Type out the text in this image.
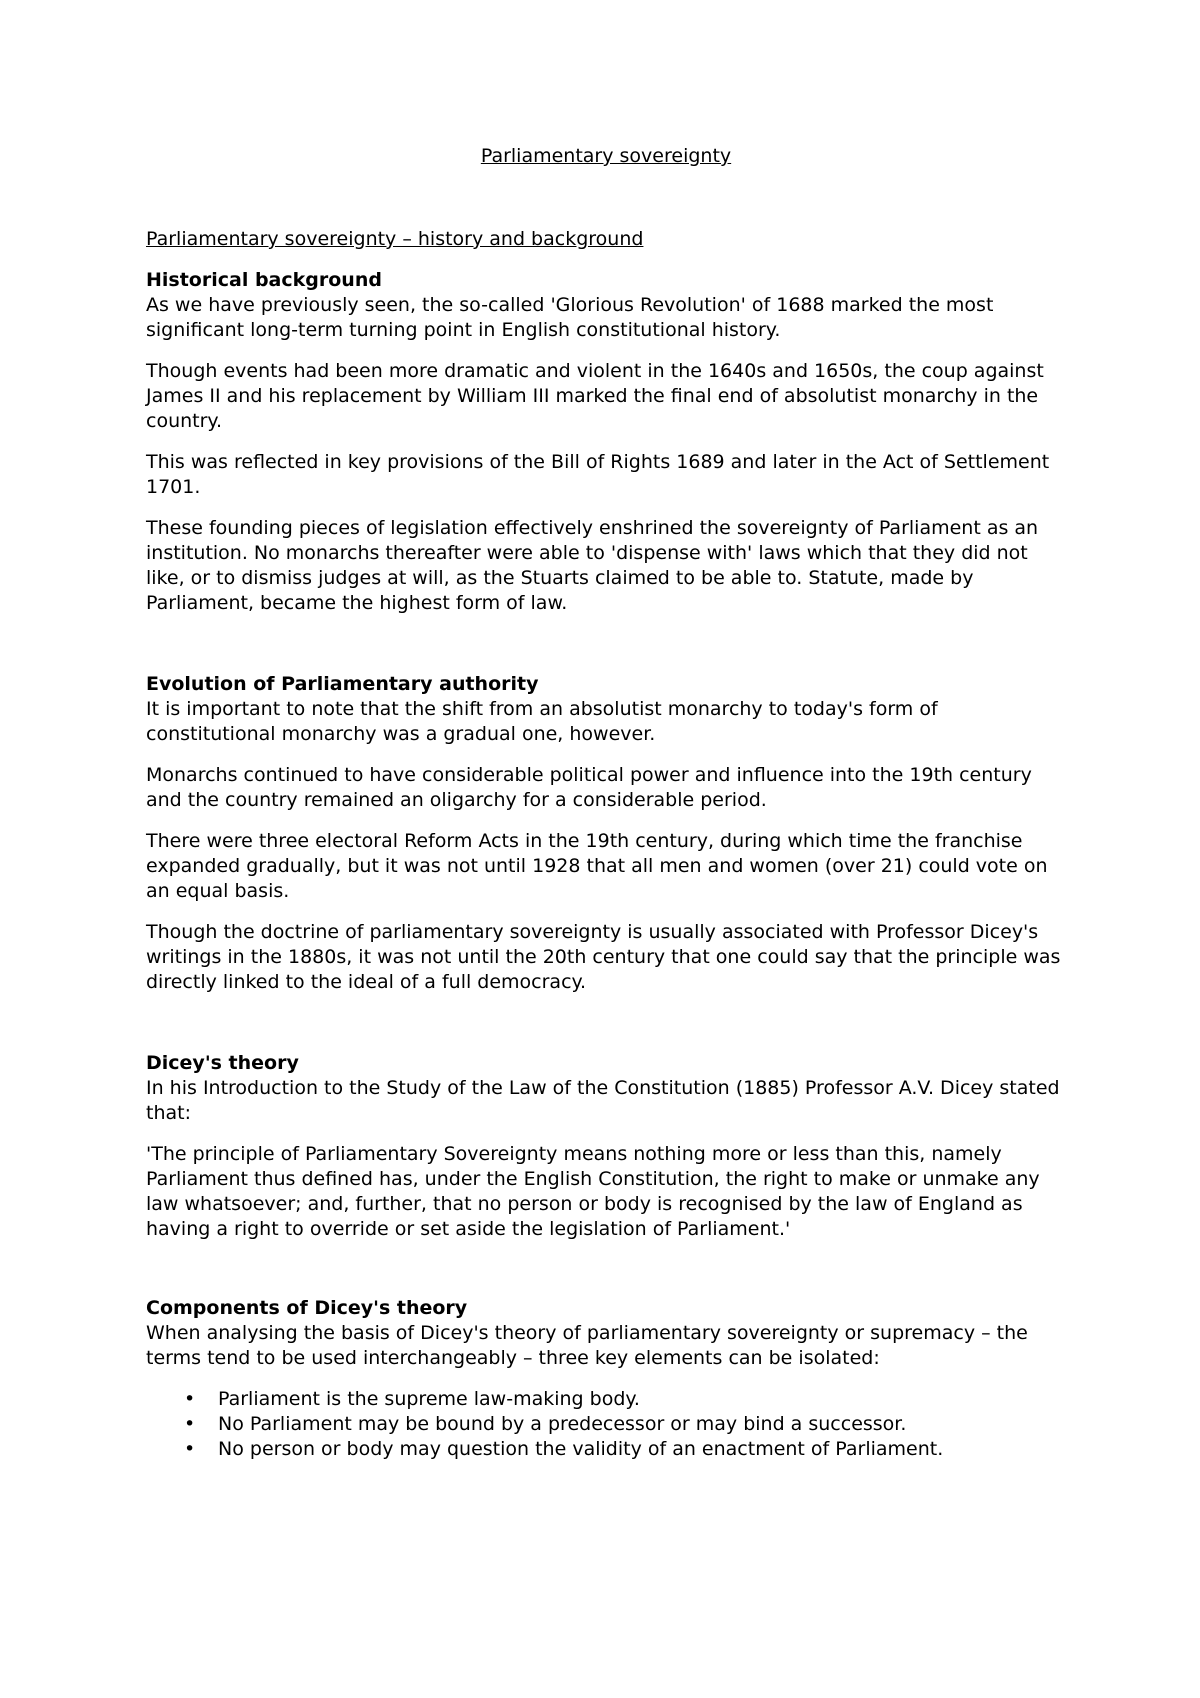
Parliamentary sovereignty
Parliamentary sovereignty – history and background
Historical background

As we have previously seen, the so-called 'Glorious Revolution' of 1688 marked the most significant long-term turning point in English constitutional history.

Though events had been more dramatic and violent in the 1640s and 1650s, the coup against James II and his replacement by William III marked the final end of absolutist monarchy in the country.

This was reflected in key provisions of the Bill of Rights 1689 and later in the Act of Settlement 1701.

These founding pieces of legislation effectively enshrined the sovereignty of Parliament as an institution. No monarchs thereafter were able to 'dispense with' laws which that they did not like, or to dismiss judges at will, as the Stuarts claimed to be able to. Statute, made by Parliament, became the highest form of law.

Evolution of Parliamentary authority

It is important to note that the shift from an absolutist monarchy to today's form of constitutional monarchy was a gradual one, however.

Monarchs continued to have considerable political power and influence into the 19th century and the country remained an oligarchy for a considerable period.

There were three electoral Reform Acts in the 19th century, during which time the franchise expanded gradually, but it was not until 1928 that all men and women (over 21) could vote on an equal basis.

Though the doctrine of parliamentary sovereignty is usually associated with Professor Dicey's writings in the 1880s, it was not until the 20th century that one could say that the principle was directly linked to the ideal of a full democracy.

Dicey's theory

In his Introduction to the Study of the Law of the Constitution (1885) Professor A.V. Dicey stated that:

'The principle of Parliamentary Sovereignty means nothing more or less than this, namely Parliament thus defined has, under the English Constitution, the right to make or unmake any law whatsoever; and, further, that no person or body is recognised by the law of England as having a right to override or set aside the legislation of Parliament.'

Components of Dicey's theory

When analysing the basis of Dicey's theory of parliamentary sovereignty or supremacy – the terms tend to be used interchangeably – three key elements can be isolated:

• Parliament is the supreme law-making body.
• No Parliament may be bound by a predecessor or may bind a successor.
• No person or body may question the validity of an enactment of Parliament.
